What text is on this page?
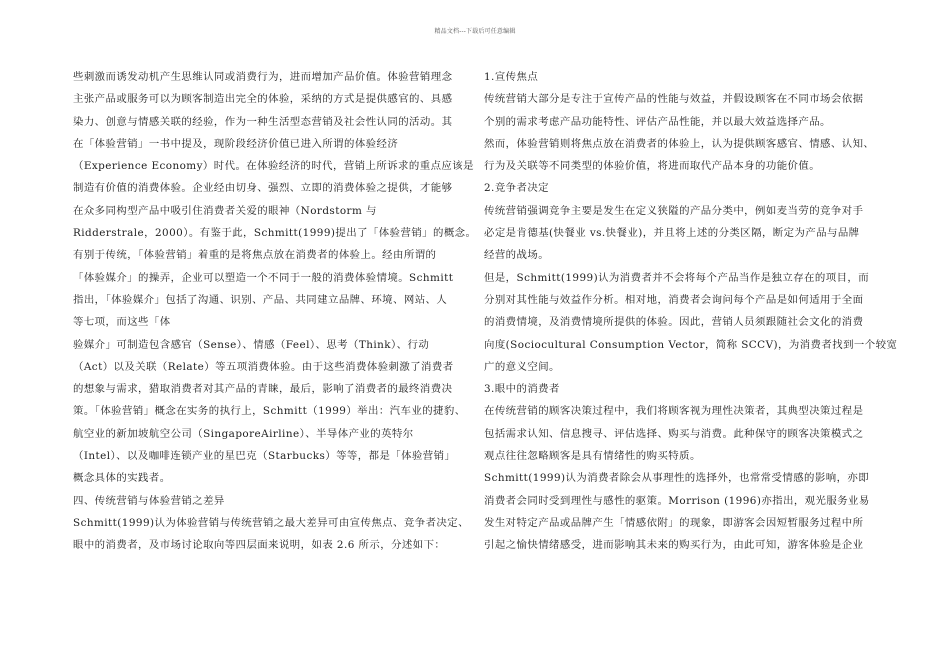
精品文档---下载后可任意编辑
些刺激而诱发动机产生思维认同或消费行为，进而增加产品价值。体验营销理念
主张产品或服务可以为顾客制造出完全的体验，采纳的方式是提供感官的、具感
染力、创意与情感关联的经验，作为一种生活型态营销及社会性认同的活动。其
在「体验营销」一书中提及，现阶段经济价值已进入所谓的体验经济
（Experience Economy）时代。在体验经济的时代，营销上所诉求的重点应该是
制造有价值的消费体验。企业经由切身、强烈、立即的消费体验之提供，才能够
在众多同构型产品中吸引住消费者关爱的眼神（Nordstorm 与
Ridderstrale，2000）。有鉴于此，Schmitt(1999)提出了「体验营销」的概念。
有别于传统，「体验营销」着重的是将焦点放在消费者的体验上。经由所谓的
「体验媒介」的操弄，企业可以塑造一个不同于一般的消费体验情境。Schmitt
指出，「体验媒介」包括了沟通、识别、产品、共同建立品牌、环境、网站、人
等七项，而这些「体
验媒介」可制造包含感官（Sense）、情感（Feel）、思考（Think）、行动
（Act）以及关联（Relate）等五项消费体验。由于这些消费体验刺激了消费者
的想象与需求，猎取消费者对其产品的青睐，最后，影响了消费者的最终消费决
策。「体验营销」概念在实务的执行上，Schmitt（1999）举出：汽车业的捷豹、
航空业的新加坡航空公司（SingaporeAirline）、半导体产业的英特尔
（Intel）、以及咖啡连锁产业的星巴克（Starbucks）等等，都是「体验营销」
概念具体的实践者。
四、传统营销与体验营销之差异
Schmitt(1999)认为体验营销与传统营销之最大差异可由宣传焦点、竞争者决定、
眼中的消费者，及市场讨论取向等四层面来说明，如表 2.6 所示，分述如下：
1.宣传焦点
传统营销大部分是专注于宣传产品的性能与效益，并假设顾客在不同市场会依据
个别的需求考虑产品功能特性、评估产品性能，并以最大效益选择产品。
然而，体验营销则将焦点放在消费者的体验上，认为提供顾客感官、情感、认知、
行为及关联等不同类型的体验价值，将进而取代产品本身的功能价值。
2.竞争者决定
传统营销强调竞争主要是发生在定义狭隘的产品分类中，例如麦当劳的竞争对手
必定是肯德基(快餐业 vs.快餐业)，并且将上述的分类区隔，断定为产品与品牌
经营的战场。
但是，Schmitt(1999)认为消费者并不会将每个产品当作是独立存在的项目，而
分别对其性能与效益作分析。相对地，消费者会询问每个产品是如何适用于全面
的消费情境，及消费情境所提供的体验。因此，营销人员须跟随社会文化的消费
向度(Sociocultural Consumption Vector，简称 SCCV)，为消费者找到一个较宽
广的意义空间。
3.眼中的消费者
在传统营销的顾客决策过程中，我们将顾客视为理性决策者，其典型决策过程是
包括需求认知、信息搜寻、评估选择、购买与消费。此种保守的顾客决策模式之
观点往往忽略顾客是具有情绪性的购买特质。
Schmitt(1999)认为消费者除会从事理性的选择外，也常常受情感的影响，亦即
消费者会同时受到理性与感性的驱策。Morrison (1996)亦指出，观光服务业易
发生对特定产品或品牌产生「情感依附」的现象，即游客会因短暂服务过程中所
引起之愉快情绪感受，进而影响其未来的购买行为，由此可知，游客体验是企业
